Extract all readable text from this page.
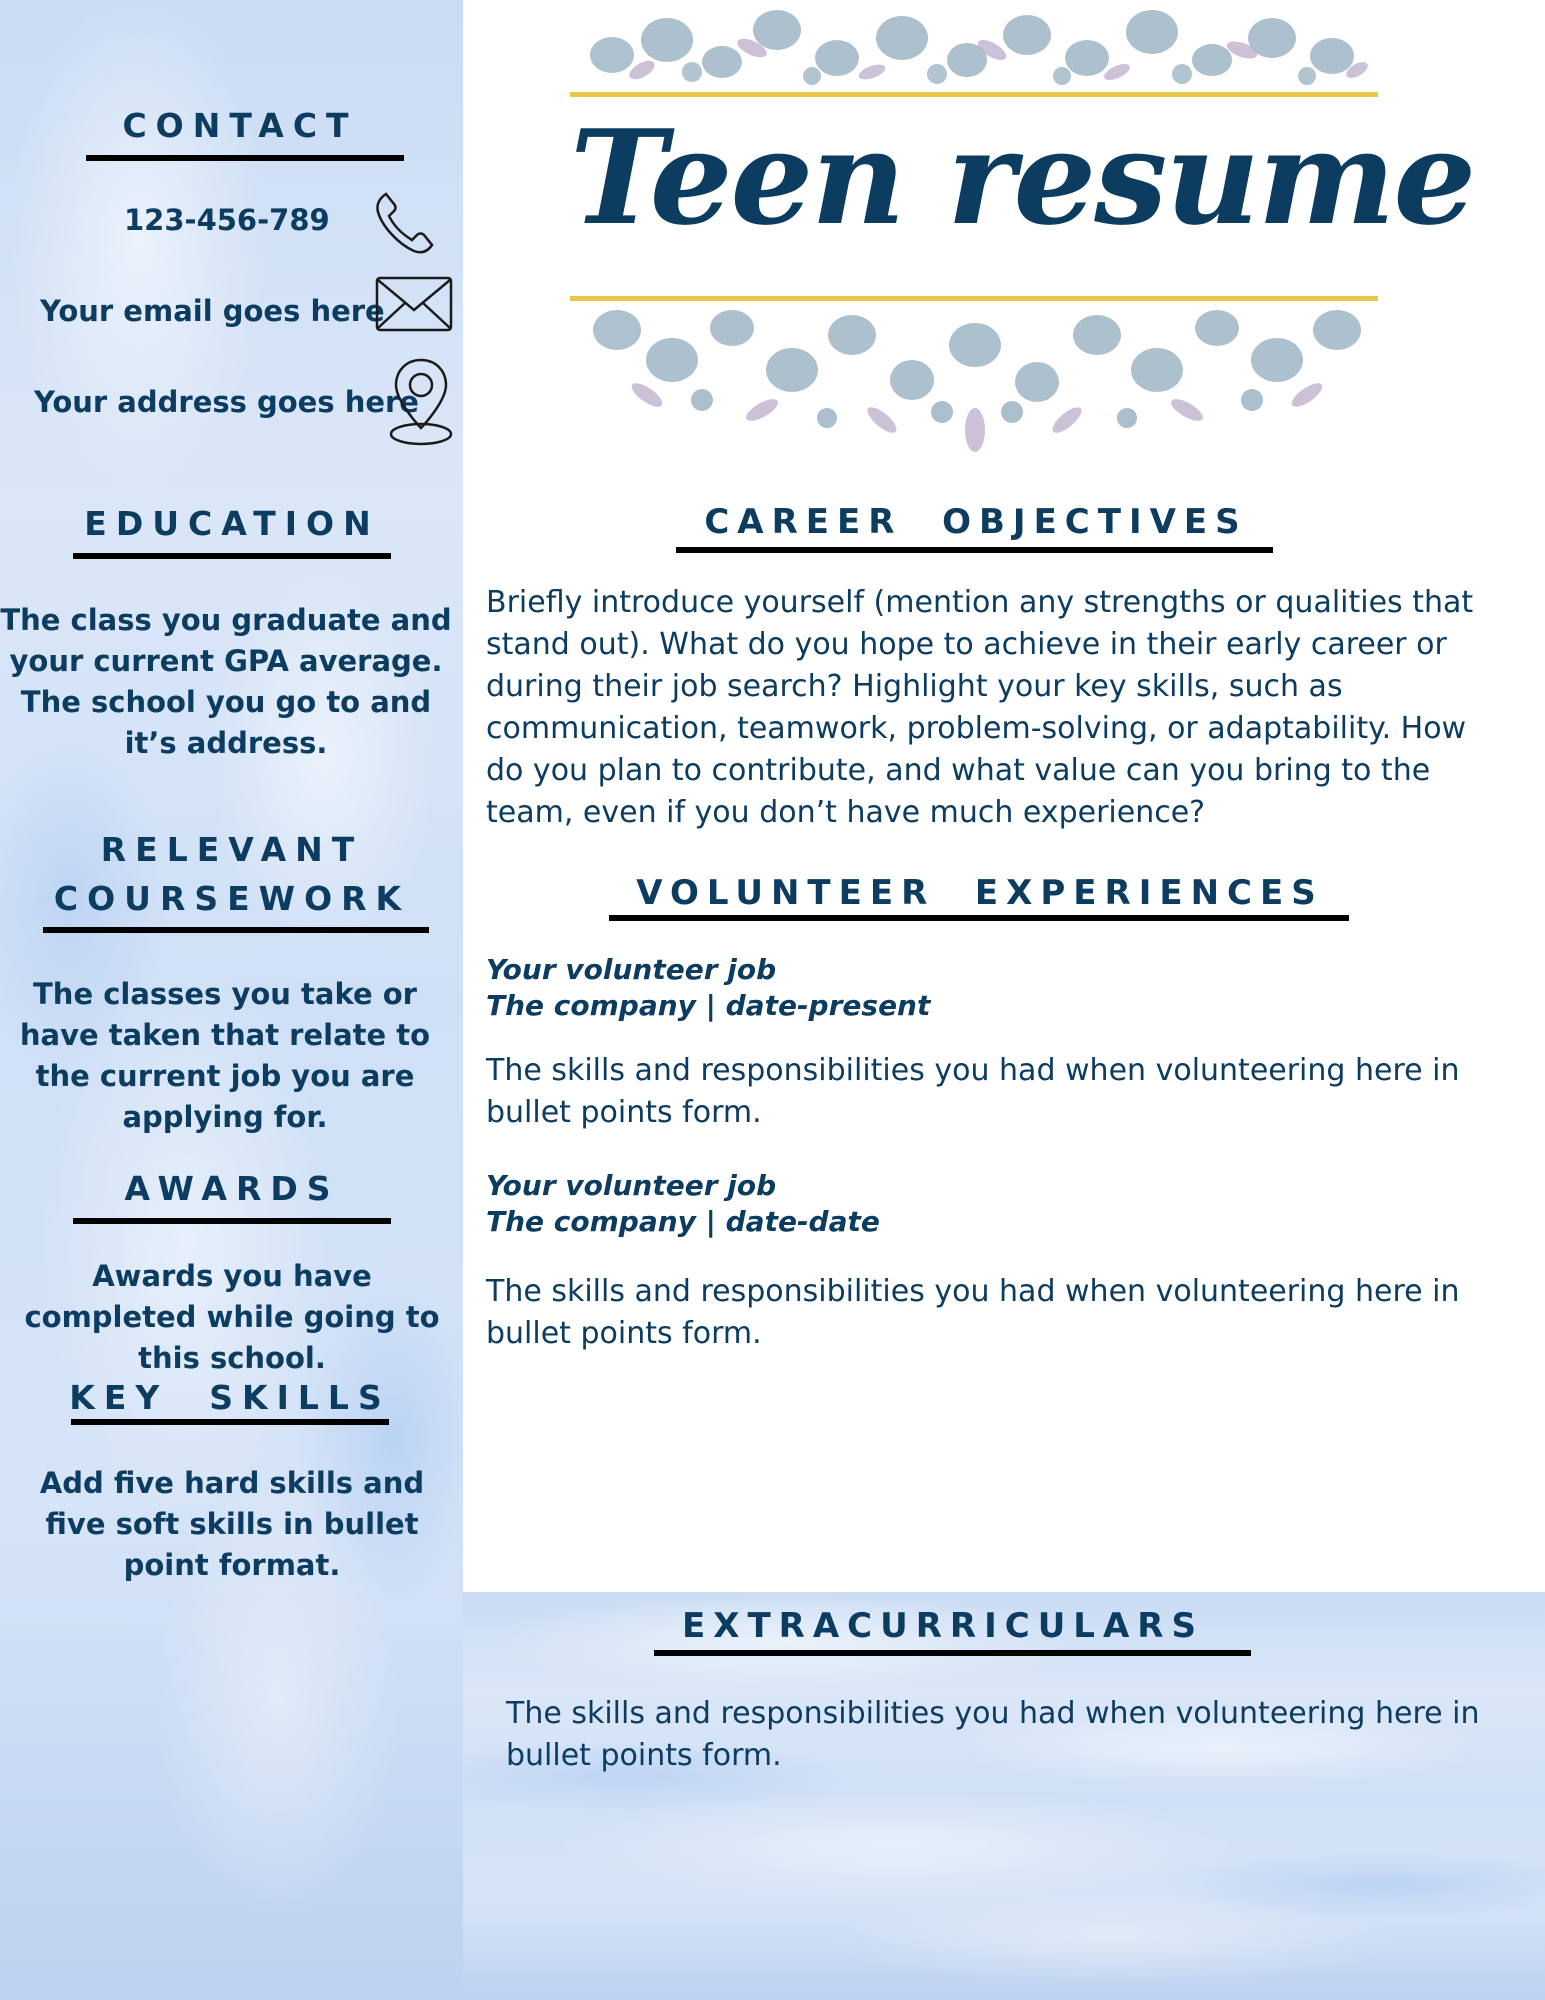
CONTACT
123-456-789
Your email goes here
Your address goes here
EDUCATION
The class you graduate and your current GPA average. The school you go to and it’s address.
RELEVANT
COURSEWORK
The classes you take or have taken that relate to the current job you are applying for.
AWARDS
Awards you have completed while going to this school.
KEY  SKILLS
Add five hard skills and five soft skills in bullet point format.
Teen resume
CAREER  OBJECTIVES
Briefly introduce yourself (mention any strengths or qualities that stand out). What do you hope to achieve in their early career or during their job search? Highlight your key skills, such as communication, teamwork, problem-solving, or adaptability. How do you plan to contribute, and what value can you bring to the team, even if you don’t have much experience?
VOLUNTEER  EXPERIENCES
Your volunteer job
The company | date-present
The skills and responsibilities you had when volunteering here in bullet points form.
Your volunteer job
The company | date-date
The skills and responsibilities you had when volunteering here in bullet points form.
EXTRACURRICULARS
The skills and responsibilities you had when volunteering here in bullet points form.
